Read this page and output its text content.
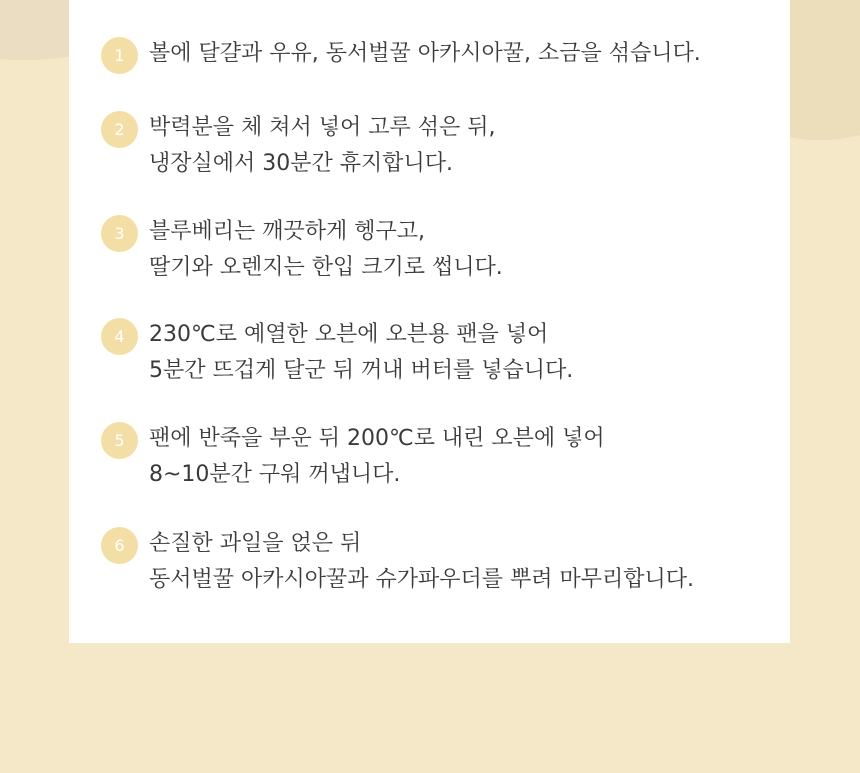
1	볼에 달걀과 우유, 동서벌꿀 아카시아꿀, 소금을 섞습니다.
2	박력분을 체 쳐서 넣어 고루 섞은 뒤,
냉장실에서 30분간 휴지합니다.
3	블루베리는 깨끗하게 헹구고,
딸기와 오렌지는 한입 크기로 썹니다.
4	230℃로 예열한 오븐에 오븐용 팬을 넣어
5분간 뜨겁게 달군 뒤 꺼내 버터를 넣습니다.
5	팬에 반죽을 부운 뒤 200℃로 내린 오븐에 넣어
8~10분간 구워 꺼냅니다.
6	손질한 과일을 얹은 뒤
동서벌꿀 아카시아꿀과 슈가파우더를 뿌려 마무리합니다.
